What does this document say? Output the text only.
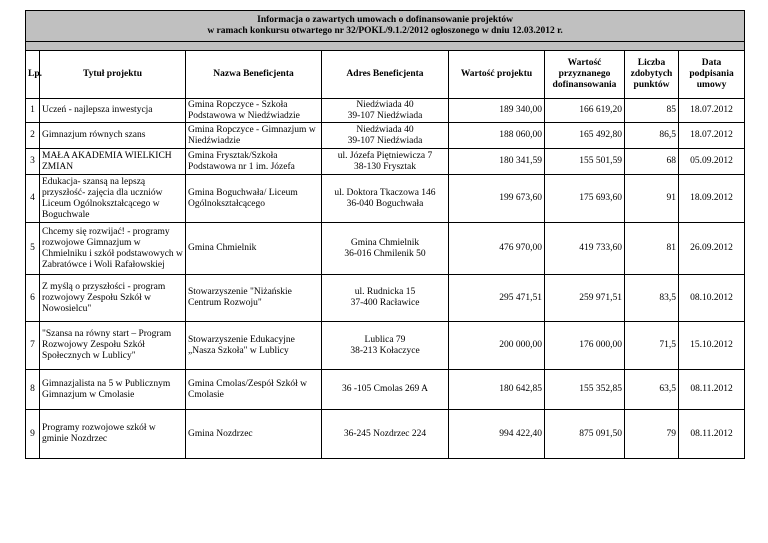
Informacja o zawartych umowach o dofinansowanie projektów
w ramach konkursu otwartego nr 32/POKL/9.1.2/2012 ogłoszonego w dniu 12.03.2012 r.							

Lp.	Tytuł projektu	Nazwa Beneficjenta	Adres Beneficjenta	Wartość projektu	Wartość przyznanego dofinansowania	Liczba zdobytych punktów	Data podpisania umowy
1	Uczeń - najlepsza inwestycja	Gmina Ropczyce - Szkoła Podstawowa w Niedźwiadzie	Niedźwiada 40
39-107 Niedźwiada	189 340,00	166 619,20	85	18.07.2012
2	Gimnazjum równych szans	Gmina Ropczyce - Gimnazjum w Niedźwiadzie	Niedźwiada 40
39-107 Niedźwiada	188 060,00	165 492,80	86,5	18.07.2012
3	MAŁA AKADEMIA WIELKICH ZMIAN	Gmina Frysztak/Szkoła Podstawowa nr 1 im. Józefa	ul. Józefa Piętniewicza 7
38-130 Frysztak	180 341,59	155 501,59	68	05.09.2012
4	Edukacja- szansą na lepszą przyszłość- zajęcia dla uczniów Liceum Ogólnokształcącego w Boguchwale	Gmina Boguchwała/ Liceum Ogólnokształcącego	ul. Doktora Tkaczowa 146
36-040 Boguchwała	199 673,60	175 693,60	91	18.09.2012
5	Chcemy się rozwijać! - programy rozwojowe Gimnazjum w Chmielniku i szkół podstawowych w Zabratówce i Woli Rafałowskiej	Gmina Chmielnik	Gmina Chmielnik
36-016 Chmilenik 50	476 970,00	419 733,60	81	26.09.2012
6	Z myślą o przyszłości - program rozwojowy Zespołu Szkół w Nowosielcu"	Stowarzyszenie "Niżańskie Centrum Rozwoju"	ul. Rudnicka 15
37-400 Racławice	295 471,51	259 971,51	83,5	08.10.2012
7	"Szansa na równy start – Program Rozwojowy Zespołu Szkół Społecznych w Lublicy"	Stowarzyszenie Edukacyjne „Nasza Szkoła" w Lublicy	Lublica 79
38-213 Kołaczyce	200 000,00	176 000,00	71,5	15.10.2012
8	Gimnazjalista na 5 w Publicznym Gimnazjum w Cmolasie	Gmina Cmolas/Zespół Szkół w Cmolasie	36 -105 Cmolas 269 A	180 642,85	155 352,85	63,5	08.11.2012
9	Programy rozwojowe szkół w gminie Nozdrzec	Gmina Nozdrzec	36-245 Nozdrzec 224	994 422,40	875 091,50	79	08.11.2012
